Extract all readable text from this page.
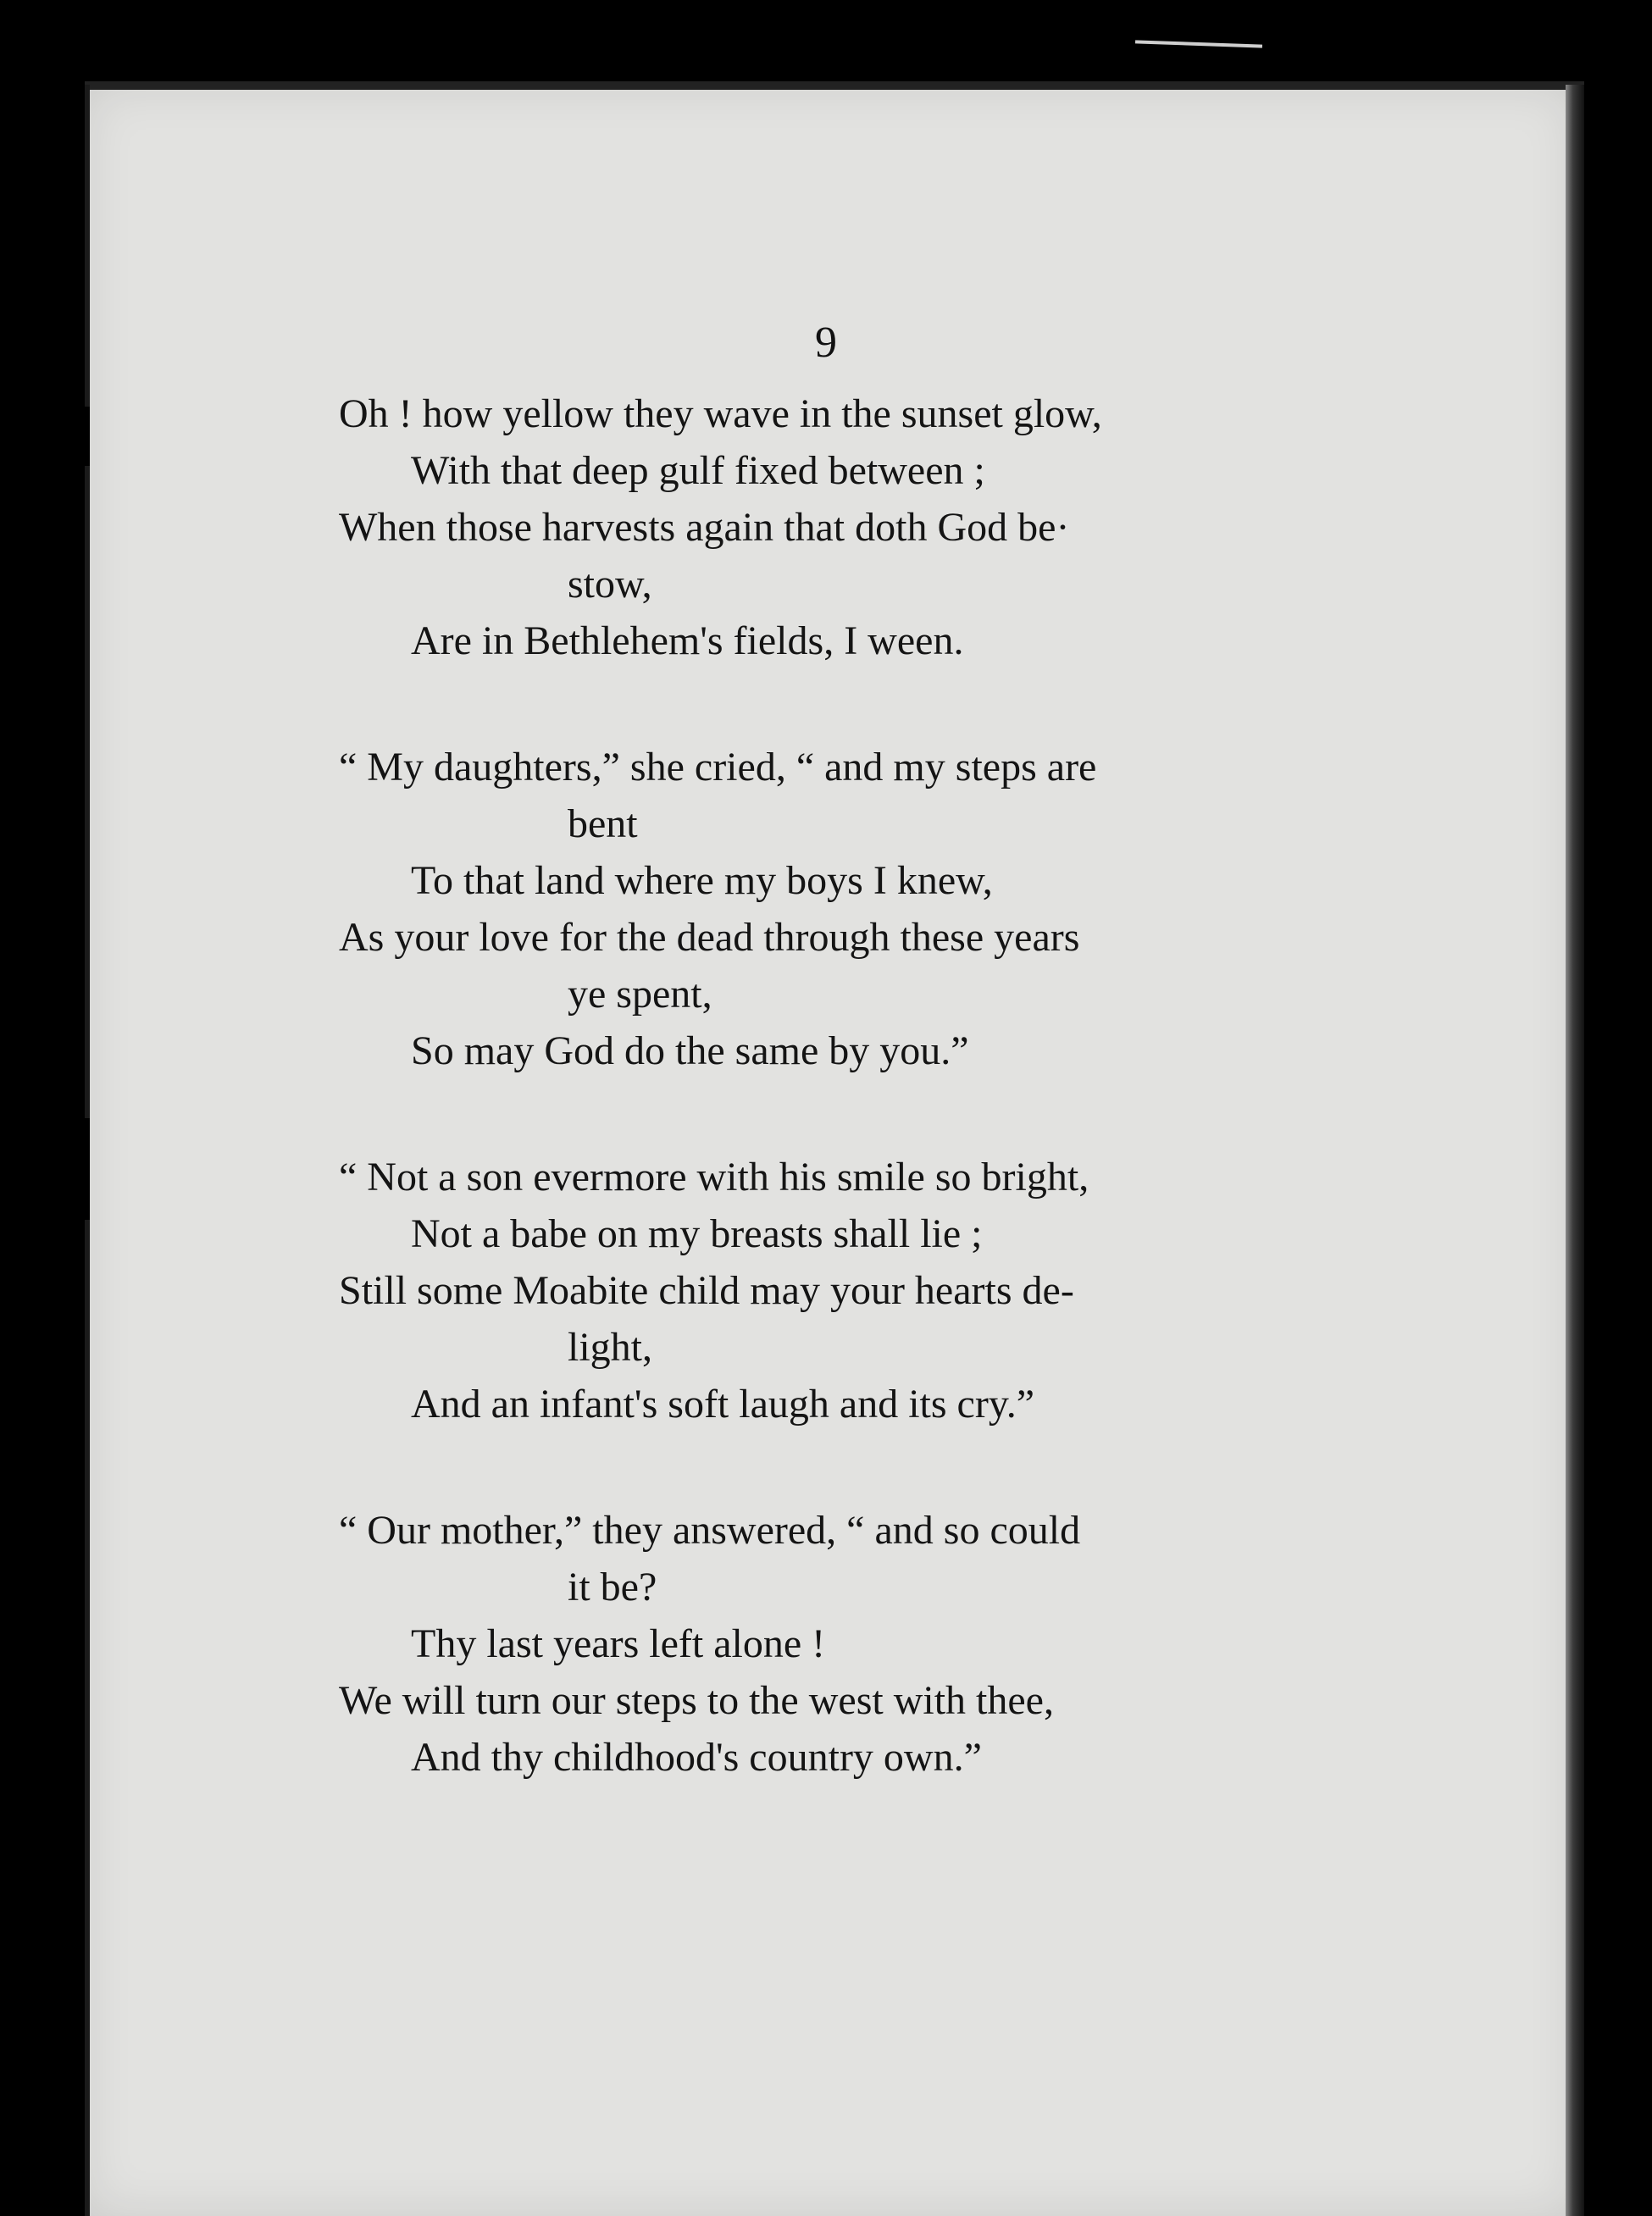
9
Oh ! how yellow they wave in the sunset glow,
With that deep gulf fixed between ;
When those harvests again that doth God be·
stow,
Are in Bethlehem's fields, I ween.
“ My daughters,” she cried, “ and my steps are
bent
To that land where my boys I knew,
As your love for the dead through these years
ye spent,
So may God do the same by you.”
“ Not a son evermore with his smile so bright,
Not a babe on my breasts shall lie ;
Still some Moabite child may your hearts de-
light,
And an infant's soft laugh and its cry.”
“ Our mother,” they answered, “ and so could
it be?
Thy last years left alone !
We will turn our steps to the west with thee,
And thy childhood's country own.”
